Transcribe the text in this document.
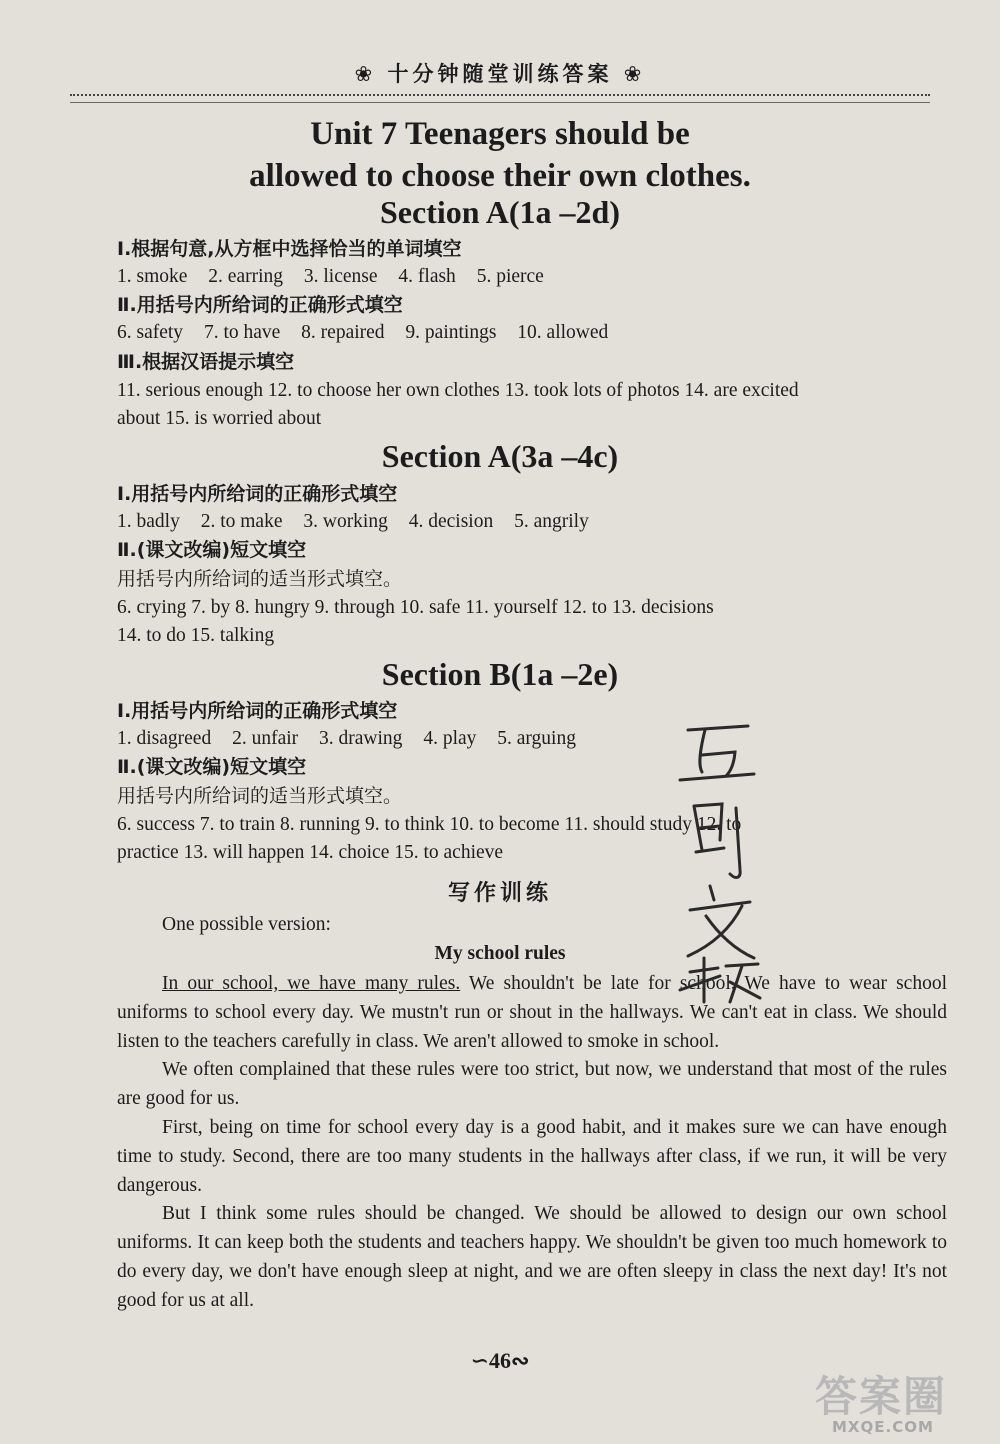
❀ 十分钟随堂训练答案 ❀
Unit 7 Teenagers should be
allowed to choose their own clothes.
Section A(1a –2d)
Ⅰ.根据句意,从方框中选择恰当的单词填空
1. smoke 2. earring 3. license 4. flash 5. pierce
Ⅱ.用括号内所给词的正确形式填空
6. safety 7. to have 8. repaired 9. paintings 10. allowed
Ⅲ.根据汉语提示填空
11. serious enough 12. to choose her own clothes 13. took lots of photos 14. are excited
about 15. is worried about
Section A(3a –4c)
Ⅰ.用括号内所给词的正确形式填空
1. badly 2. to make 3. working 4. decision 5. angrily
Ⅱ.(课文改编)短文填空
用括号内所给词的适当形式填空。
6. crying 7. by 8. hungry 9. through 10. safe 11. yourself 12. to 13. decisions
14. to do 15. talking
Section B(1a –2e)
Ⅰ.用括号内所给词的正确形式填空
1. disagreed 2. unfair 3. drawing 4. play 5. arguing
Ⅱ.(课文改编)短文填空
用括号内所给词的适当形式填空。
6. success 7. to train 8. running 9. to think 10. to become 11. should study 12. to
practice 13. will happen 14. choice 15. to achieve
写作训练
One possible version:
My school rules

In our school, we have many rules. We shouldn't be late for school. We have to wear school uniforms to school every day. We mustn't run or shout in the hallways. We can't eat in class. We should listen to the teachers carefully in class. We aren't allowed to smoke in school.

We often complained that these rules were too strict, but now, we understand that most of the rules are good for us.

First, being on time for school every day is a good habit, and it makes sure we can have enough time to study. Second, there are too many students in the hallways after class, if we run, it will be very dangerous.

But I think some rules should be changed. We should be allowed to design our own school uniforms. It can keep both the students and teachers happy. We shouldn't be given too much homework to do every day, we don't have enough sleep at night, and we are often sleepy in class the next day! It's not good for us at all.

∽46∾
答案圈
MXQE.COM
